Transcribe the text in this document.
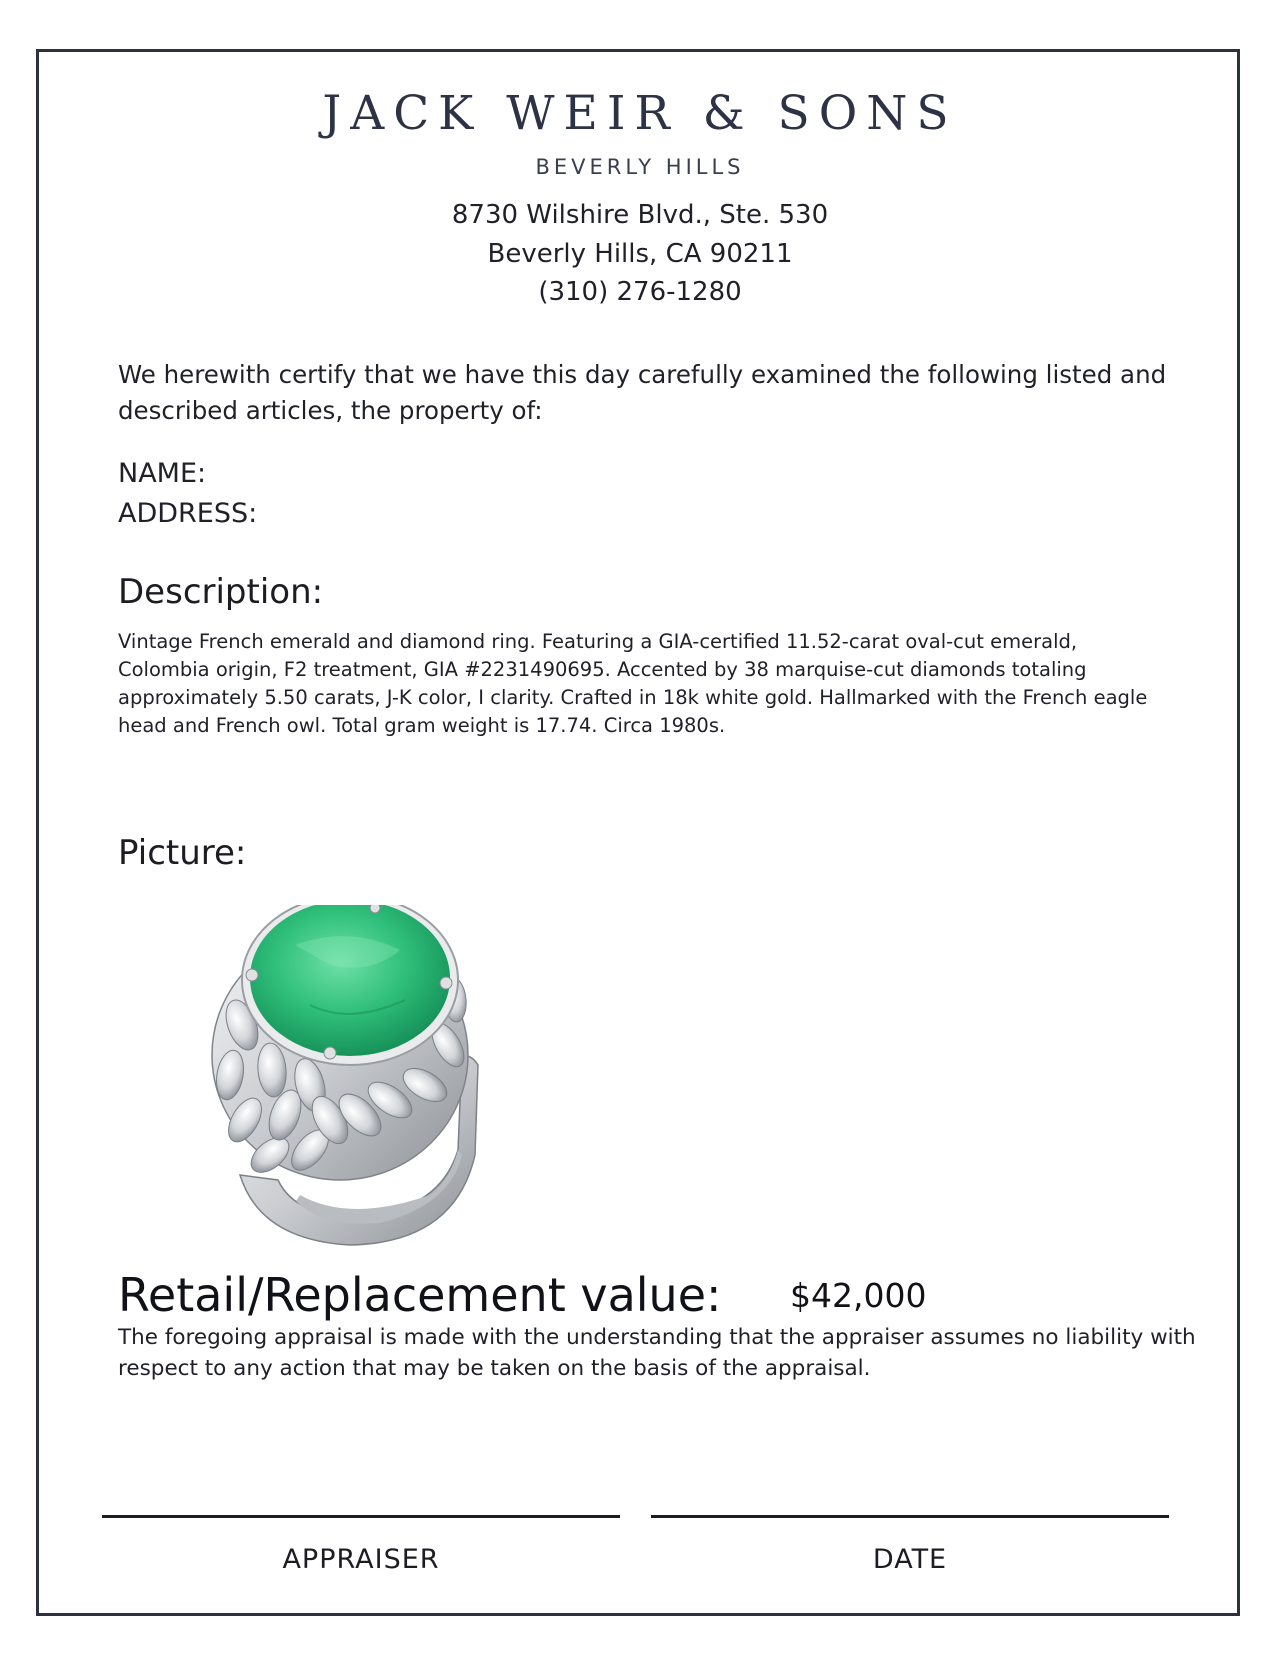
JACK WEIR & SONS
BEVERLY HILLS
8730 Wilshire Blvd., Ste. 530
Beverly Hills, CA 90211
(310) 276-1280
We herewith certify that we have this day carefully examined the following listed and described articles, the property of:
NAME:
ADDRESS:
Description:
Vintage French emerald and diamond ring. Featuring a GIA-certified 11.52-carat oval-cut emerald, Colombia origin, F2 treatment, GIA #2231490695. Accented by 38 marquise-cut diamonds totaling approximately 5.50 carats, J-K color, I clarity. Crafted in 18k white gold. Hallmarked with the French eagle head and French owl. Total gram weight is 17.74. Circa 1980s.
Picture:
Retail/Replacement value: $42,000
The foregoing appraisal is made with the understanding that the appraiser assumes no liability with respect to any action that may be taken on the basis of the appraisal.
APPRAISER	DATE
